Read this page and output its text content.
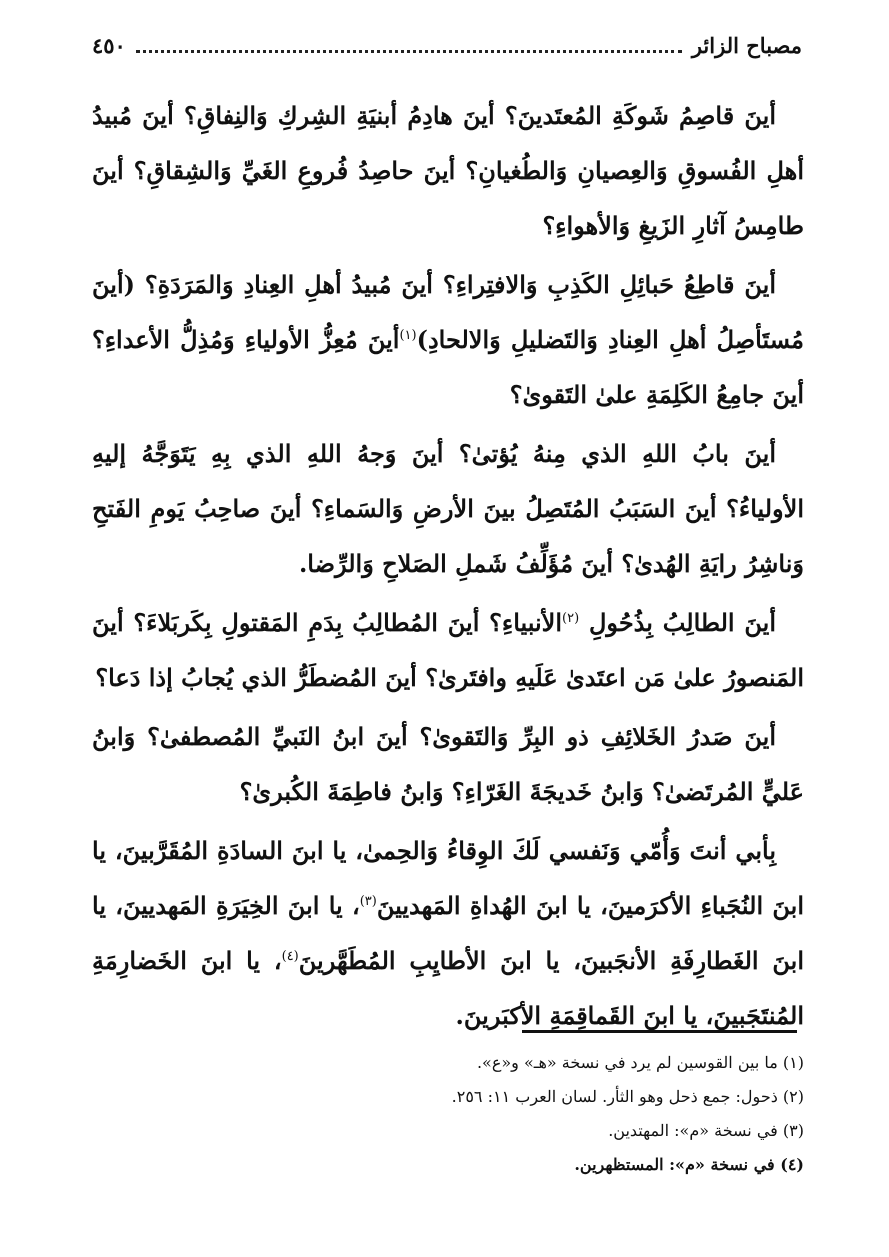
مصباح الزائر
٤٥٠

أينَ قاصِمُ شَوكَةِ المُعتَدينَ؟ أينَ هادِمُ أبنيَةِ الشِركِ وَالنِفاقِ؟ أينَ مُبيدُ أهلِ الفُسوقِ وَالعِصيانِ وَالطُغيانِ؟ أينَ حاصِدُ فُروعِ الغَيِّ وَالشِقاقِ؟ أينَ طامِسُ آثارِ الزَيغِ وَالأهواءِ؟

أينَ قاطِعُ حَبائِلِ الكَذِبِ وَالافتِراءِ؟ أينَ مُبيدُ أهلِ العِنادِ وَالمَرَدَةِ؟ (أينَ مُستَأصِلُ أهلِ العِنادِ وَالتَضليلِ وَالالحادِ)$^{(١)}$أينَ مُعِزُّ الأولياءِ وَمُذِلُّ الأعداءِ؟ أينَ جامِعُ الكَلِمَةِ علىٰ التَقوىٰ؟

أينَ بابُ اللهِ الذي مِنهُ يُؤتىٰ؟ أينَ وَجهُ اللهِ الذي بِهِ يَتَوَجَّهُ إليهِ الأولياءُ؟ أينَ السَبَبُ المُتَصِلُ بينَ الأرضِ وَالسَماءِ؟ أينَ صاحِبُ يَومِ الفَتحِ وَناشِرُ رايَةِ الهُدىٰ؟ أينَ مُؤَلِّفُ شَملِ الصَلاحِ وَالرِّضا.

أينَ الطالِبُ بِذُحُولِ $^{(٢)}$الأنبياءِ؟ أينَ المُطالِبُ بِدَمِ المَقتولِ بِكَربَلاءَ؟ أينَ المَنصورُ علىٰ مَن اعتَدىٰ عَلَيهِ وافتَرىٰ؟ أينَ المُضطَرُّ الذي يُجابُ إذا دَعا؟

أينَ صَدرُ الخَلائِفِ ذو البِرِّ وَالتَقوىٰ؟ أينَ ابنُ النَبيِّ المُصطفىٰ؟ وَابنُ عَليٍّ المُرتَضىٰ؟ وَابنُ خَديجَةَ الغَرّاءِ؟ وَابنُ فاطِمَةَ الكُبرىٰ؟

بِأبي أنتَ وَأُمّي وَنَفسي لَكَ الوِقاءُ وَالحِمىٰ، يا ابنَ السادَةِ المُقَرَّبينَ، يا ابنَ النُجَباءِ الأكرَمينَ، يا ابنَ الهُداةِ المَهديينَ$^{(٣)}$، يا ابنَ الخِيَرَةِ المَهديينَ، يا ابنَ الغَطارِفَةِ الأنجَبينَ، يا ابنَ الأطايِبِ المُطَهَّرينَ$^{(٤)}$، يا ابنَ الخَضارِمَةِ المُنتَجَبينَ، يا ابنَ القَماقِمَةِ الأكبَرينَ.

(١) ما بين القوسين لم يرد في نسخة «هـ» و«ع».

(٢) ذحول: جمع ذحل وهو الثأر. لسان العرب ١١: ٢٥٦.

(٣) في نسخة «م»: المهتدين.

(٤) في نسخة «م»: المستظهرين.
